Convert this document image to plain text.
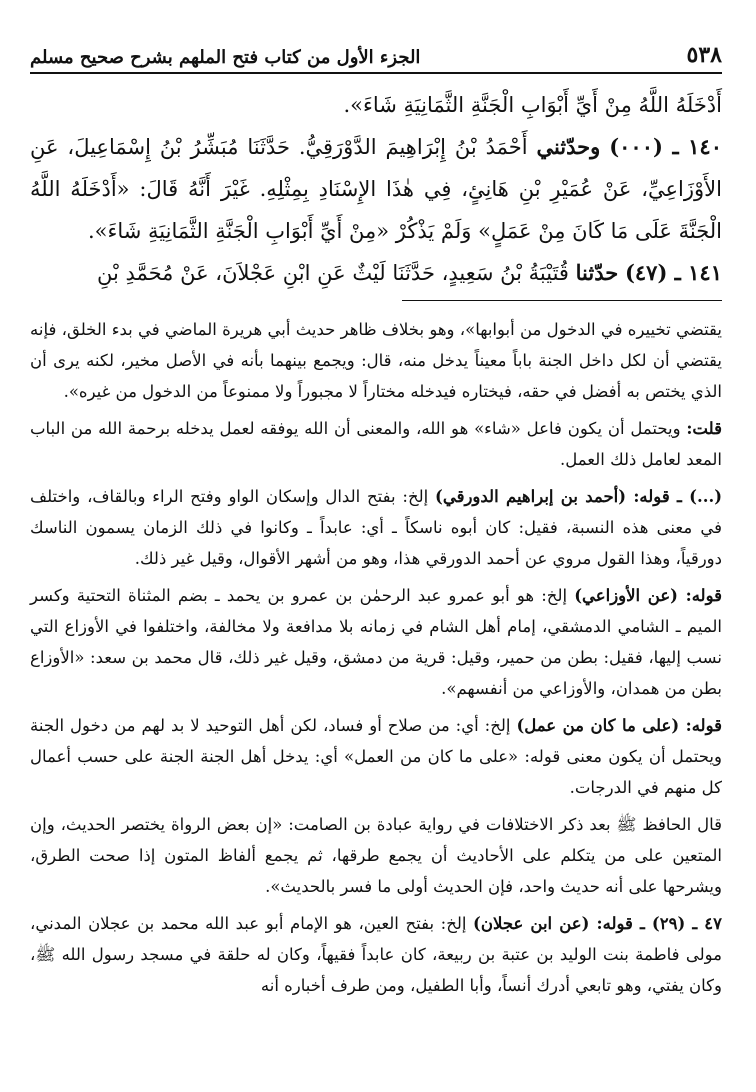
٥٣٨
الجزء الأول من كتاب فتح الملهم بشرح صحيح مسلم

أَدْخَلَهُ اللَّهُ مِنْ أَيِّ أَبْوَابِ الْجَنَّةِ الثَّمَانِيَةِ شَاءَ».

١٤٠ ـ (٠٠٠) وحدّثني أَحْمَدُ بْنُ إِبْرَاهِيمَ الدَّوْرَقِيُّ. حَدَّثَنَا مُبَشِّرُ بْنُ إِسْمَاعِيلَ، عَنِ الأَوْزَاعِيِّ، عَنْ عُمَيْرِ بْنِ هَانِئٍ، فِي هٰذَا الإِسْنَادِ بِمِثْلِهِ. غَيْرَ أَنَّهُ قَالَ: «أَدْخَلَهُ اللَّهُ الْجَنَّةَ عَلَى مَا كَانَ مِنْ عَمَلٍ» وَلَمْ يَذْكُرْ «مِنْ أَيِّ أَبْوَابِ الْجَنَّةِ الثَّمَانِيَةِ شَاءَ».

١٤١ ـ (٤٧) حدّثنا قُتَيْبَةُ بْنُ سَعِيدٍ، حَدَّثَنَا لَيْثٌ عَنِ ابْنِ عَجْلاَنَ، عَنْ مُحَمَّدِ بْنِ

يقتضي تخييره في الدخول من أبوابها»، وهو بخلاف ظاهر حديث أبي هريرة الماضي في بدء الخلق، فإنه يقتضي أن لكل داخل الجنة باباً معيناً يدخل منه، قال: ويجمع بينهما بأنه في الأصل مخير، لكنه يرى أن الذي يختص به أفضل في حقه، فيختاره فيدخله مختاراً لا مجبوراً ولا ممنوعاً من الدخول من غيره».

قلت: ويحتمل أن يكون فاعل «شاء» هو الله، والمعنى أن الله يوفقه لعمل يدخله برحمة الله من الباب المعد لعامل ذلك العمل.

(...) ـ قوله: (أحمد بن إبراهيم الدورقي) إلخ: بفتح الدال وإسكان الواو وفتح الراء وبالقاف، واختلف في معنى هذه النسبة، فقيل: كان أبوه ناسكاً ـ أي: عابداً ـ وكانوا في ذلك الزمان يسمون الناسك دورقياً، وهذا القول مروي عن أحمد الدورقي هذا، وهو من أشهر الأقوال، وقيل غير ذلك.

قوله: (عن الأوزاعي) إلخ: هو أبو عمرو عبد الرحمٰن بن عمرو بن يحمد ـ بضم المثناة التحتية وكسر الميم ـ الشامي الدمشقي، إمام أهل الشام في زمانه بلا مدافعة ولا مخالفة، واختلفوا في الأوزاع التي نسب إليها، فقيل: بطن من حمير، وقيل: قرية من دمشق، وقيل غير ذلك، قال محمد بن سعد: «الأوزاع بطن من همدان، والأوزاعي من أنفسهم».

قوله: (على ما كان من عمل) إلخ: أي: من صلاح أو فساد، لكن أهل التوحيد لا بد لهم من دخول الجنة ويحتمل أن يكون معنى قوله: «على ما كان من العمل» أي: يدخل أهل الجنة الجنة على حسب أعمال كل منهم في الدرجات.

قال الحافظ ﷺ بعد ذكر الاختلافات في رواية عبادة بن الصامت: «إن بعض الرواة يختصر الحديث، وإن المتعين على من يتكلم على الأحاديث أن يجمع طرقها، ثم يجمع ألفاظ المتون إذا صحت الطرق، ويشرحها على أنه حديث واحد، فإن الحديث أولى ما فسر بالحديث».

٤٧ ـ (٢٩) ـ قوله: (عن ابن عجلان) إلخ: بفتح العين، هو الإمام أبو عبد الله محمد بن عجلان المدني، مولى فاطمة بنت الوليد بن عتبة بن ربيعة، كان عابداً فقيهاً، وكان له حلقة في مسجد رسول الله ﷺ، وكان يفتي، وهو تابعي أدرك أنساً، وأبا الطفيل، ومن طرف أخباره أنه
